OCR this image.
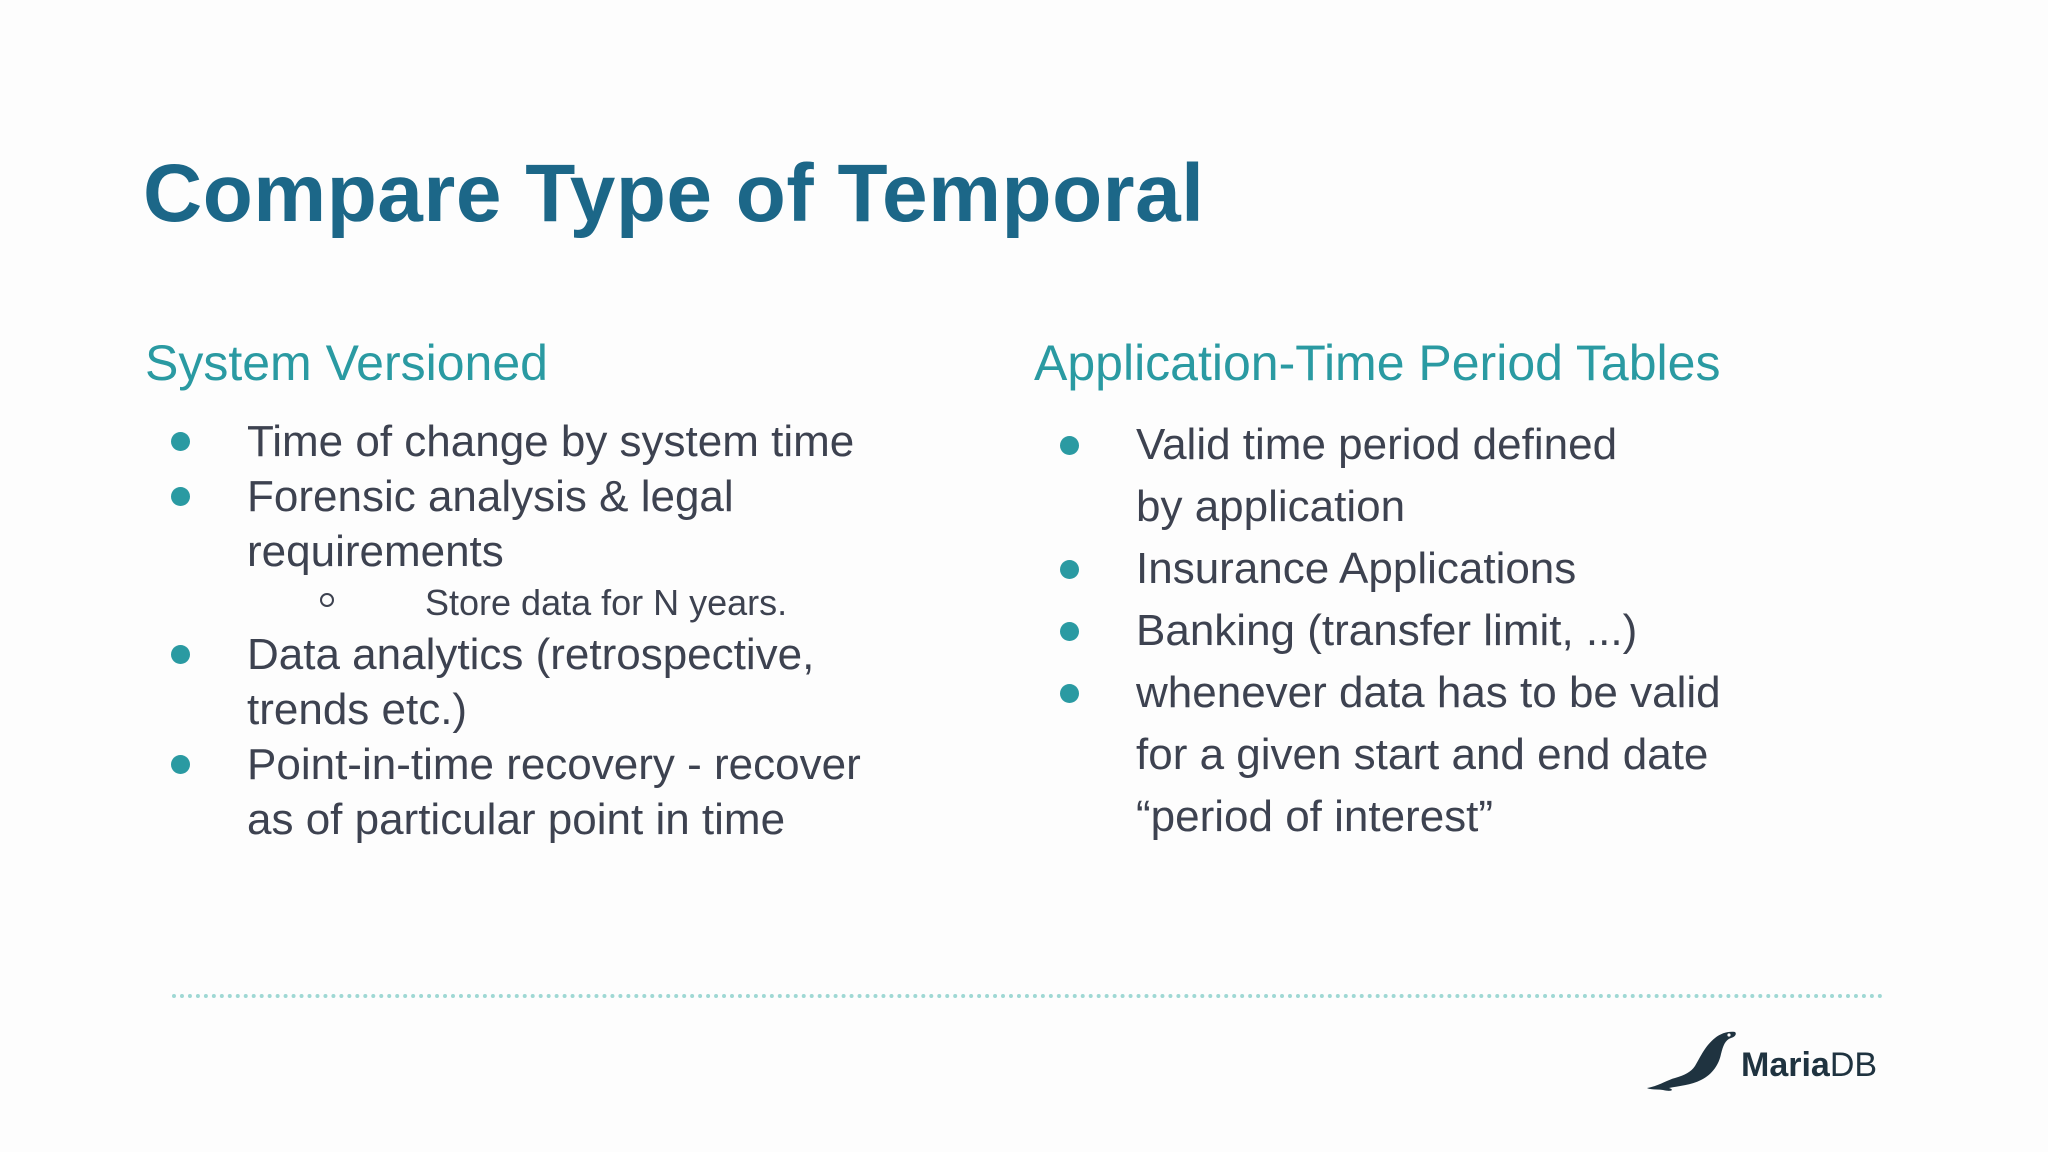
Compare Type of Temporal
System Versioned
Time of change by system time
Forensic analysis & legal
requirements
Store data for N years.
Data analytics (retrospective,
trends etc.)
Point-in-time recovery - recover
as of particular point in time
Application-Time Period Tables
Valid time period defined
by application
Insurance Applications
Banking (transfer limit, ...)
whenever data has to be valid
for a given start and end date
“period of interest”
MariaDB
